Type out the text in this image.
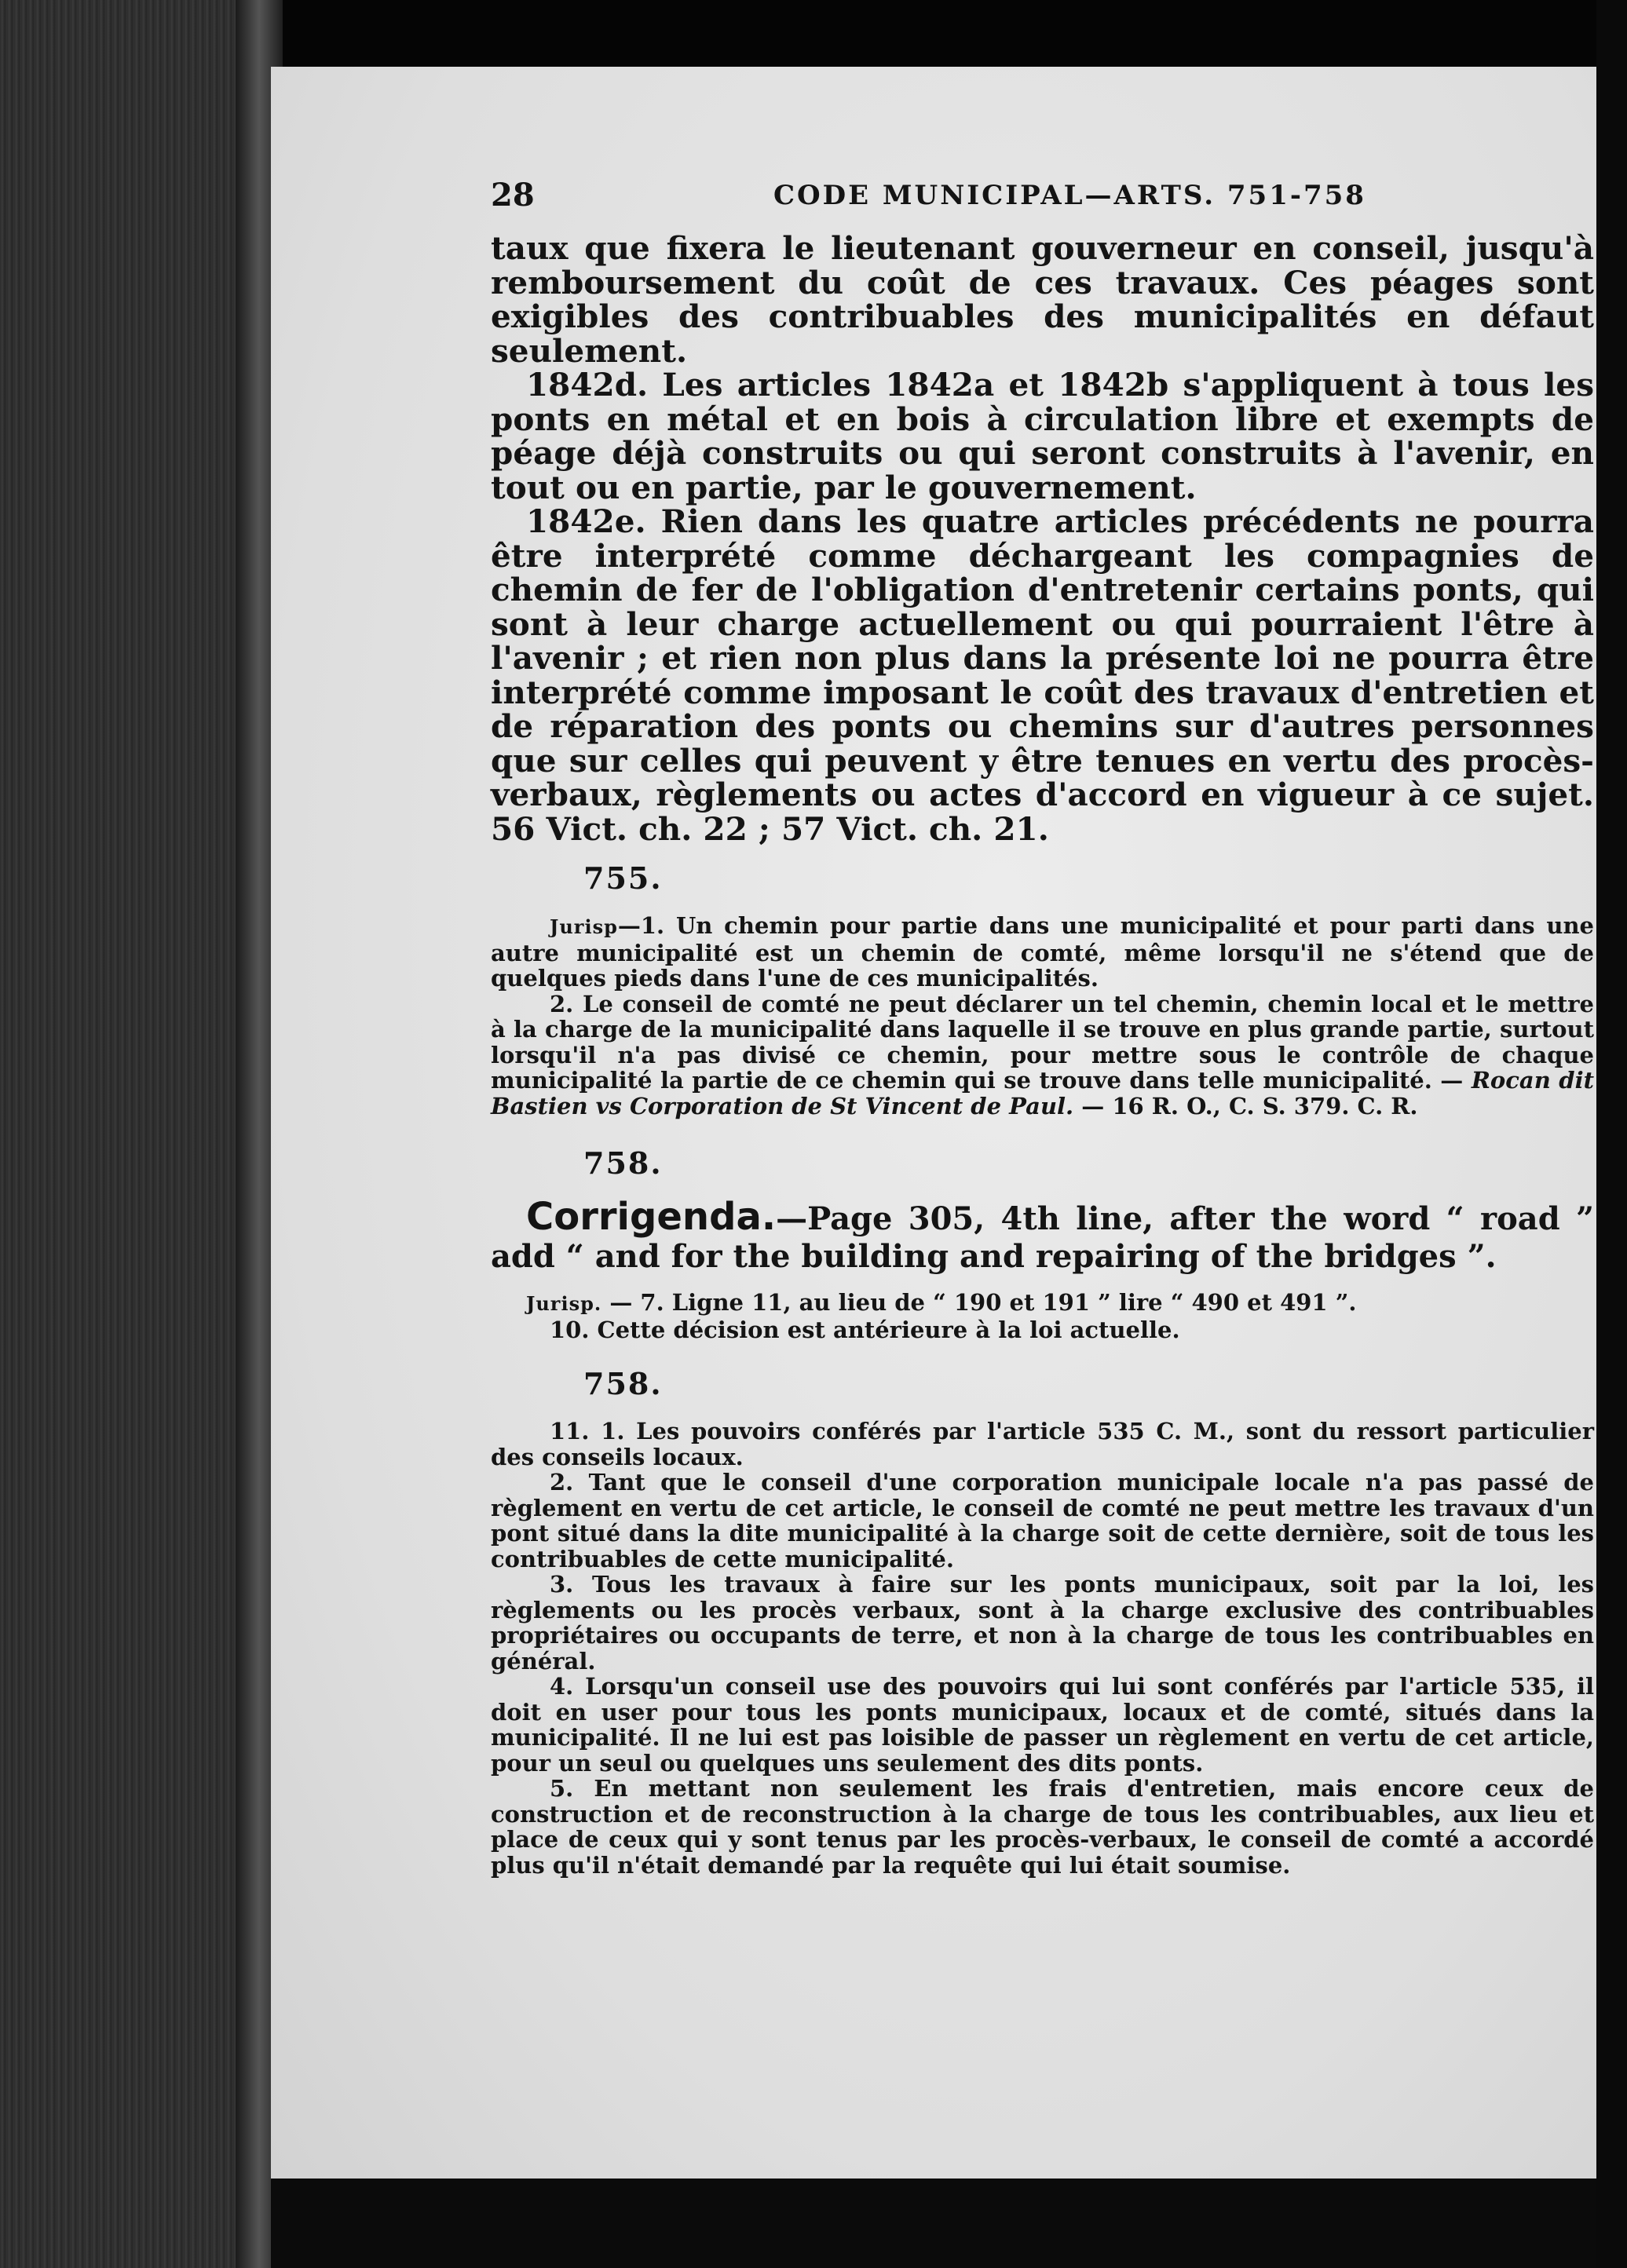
28	CODE MUNICIPAL—ARTS. 751-758

taux que fixera le lieutenant gouverneur en conseil, jusqu'à remboursement du coût de ces travaux. Ces péages sont exigibles des contribuables des municipalités en défaut seulement.

1842d. Les articles 1842a et 1842b s'appliquent à tous les ponts en métal et en bois à circulation libre et exempts de péage déjà construits ou qui seront construits à l'avenir, en tout ou en partie, par le gouvernement.

1842e. Rien dans les quatre articles précédents ne pourra être interprété comme déchargeant les compagnies de chemin de fer de l'obligation d'entretenir certains ponts, qui sont à leur charge actuellement ou qui pourraient l'être à l'avenir ; et rien non plus dans la présente loi ne pourra être interprété comme imposant le coût des travaux d'entretien et de réparation des ponts ou chemins sur d'autres personnes que sur celles qui peuvent y être tenues en vertu des procès-verbaux, règlements ou actes d'accord en vigueur à ce sujet. 56 Vict. ch. 22 ; 57 Vict. ch. 21.

755.

Jurisp—1. Un chemin pour partie dans une municipalité et pour parti dans une autre municipalité est un chemin de comté, même lorsqu'il ne s'étend que de quelques pieds dans l'une de ces municipalités.

2. Le conseil de comté ne peut déclarer un tel chemin, chemin local et le mettre à la charge de la municipalité dans laquelle il se trouve en plus grande partie, surtout lorsqu'il n'a pas divisé ce chemin, pour mettre sous le contrôle de chaque municipalité la partie de ce chemin qui se trouve dans telle municipalité. — Rocan dit Bastien vs Corporation de St Vincent de Paul. — 16 R. O., C. S. 379. C. R.

758.

Corrigenda.—Page 305, 4th line, after the word “ road ” add “ and for the building and repairing of the bridges ”.

Jurisp. — 7. Ligne 11, au lieu de “ 190 et 191 ” lire “ 490 et 491 ”.

10. Cette décision est antérieure à la loi actuelle.

758.

11. 1. Les pouvoirs conférés par l'article 535 C. M., sont du ressort particulier des conseils locaux.

2. Tant que le conseil d'une corporation municipale locale n'a pas passé de règlement en vertu de cet article, le conseil de comté ne peut mettre les travaux d'un pont situé dans la dite municipalité à la charge soit de cette dernière, soit de tous les contribuables de cette municipalité.

3. Tous les travaux à faire sur les ponts municipaux, soit par la loi, les règlements ou les procès verbaux, sont à la charge exclusive des contribuables propriétaires ou occupants de terre, et non à la charge de tous les contribuables en général.

4. Lorsqu'un conseil use des pouvoirs qui lui sont conférés par l'article 535, il doit en user pour tous les ponts municipaux, locaux et de comté, situés dans la municipalité. Il ne lui est pas loisible de passer un règlement en vertu de cet article, pour un seul ou quelques uns seulement des dits ponts.

5. En mettant non seulement les frais d'entretien, mais encore ceux de construction et de reconstruction à la charge de tous les contribuables, aux lieu et place de ceux qui y sont tenus par les procès-verbaux, le conseil de comté a accordé plus qu'il n'était demandé par la requête qui lui était soumise.
